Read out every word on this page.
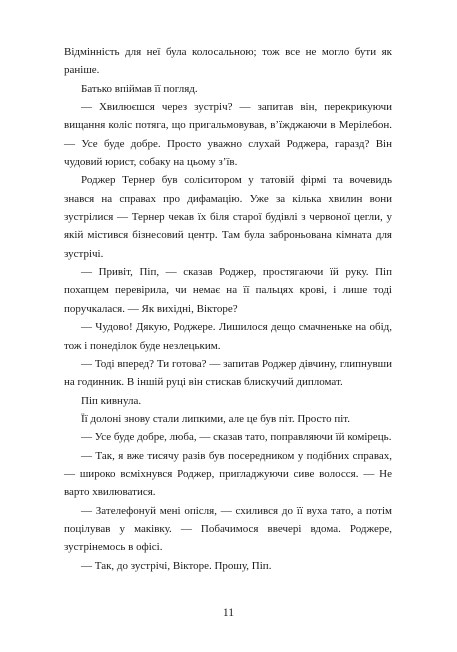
Відмінність для неї була колосальною; тож все не могло бути як раніше.

Батько впіймав її погляд.

— Хвилюєшся через зустріч? — запитав він, перекрикуючи вищання коліс потяга, що пригальмовував, в’їжджаючи в Мерілебон. — Усе буде добре. Просто уважно слухай Роджера, гаразд? Він чудовий юрист, собаку на цьому з’їв.

Роджер Тернер був соліситором у татовій фірмі та вочевидь знався на справах про дифамацію. Уже за кілька хвилин вони зустрілися — Тернер чекав їх біля старої будівлі з червоної цегли, у якій містився бізнесовий центр. Там була заброньована кімната для зустрічі.

— Привіт, Піп, — сказав Роджер, простягаючи їй руку. Піп похапцем перевірила, чи немає на її пальцях крові, і лише тоді поручкалася. — Як вихідні, Вікторе?

— Чудово! Дякую, Роджере. Лишилося дещо смачненьке на обід, тож і понеділок буде незлецьким.

— Тоді вперед? Ти готова? — запитав Роджер дівчину, глипнувши на годинник. В іншій руці він стискав блискучий дипломат.

Піп кивнула.

Її долоні знову стали липкими, але це був піт. Просто піт.

— Усе буде добре, люба, — сказав тато, поправляючи їй комірець.

— Так, я вже тисячу разів був посередником у подібних справах, — широко всміхнувся Роджер, пригладжуючи сиве волосся. — Не варто хвилюватися.

— Зателефонуй мені опісля, — схилився до її вуха тато, а потім поцілував у маківку. — Побачимося ввечері вдома. Роджере, зустрінемось в офісі.

— Так, до зустрічі, Вікторе. Прошу, Піп.

11
